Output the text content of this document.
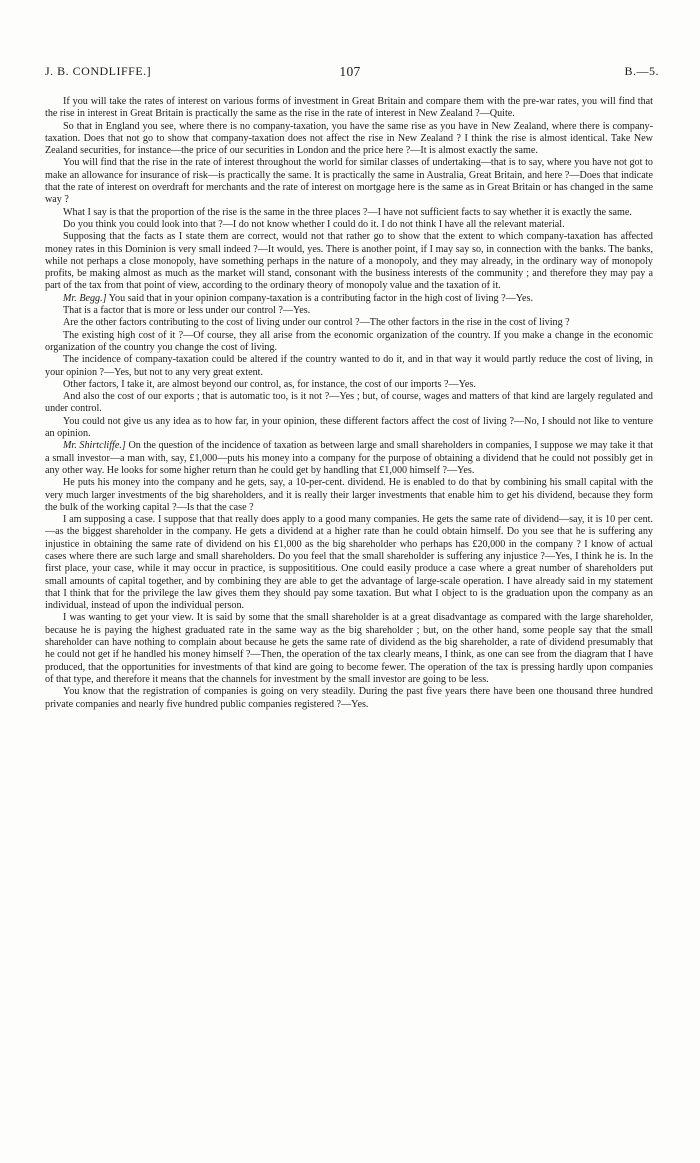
J. B. CONDLIFFE.]	107	B.—5.

If you will take the rates of interest on various forms of investment in Great Britain and compare them with the pre-war rates, you will find that the rise in interest in Great Britain is practically the same as the rise in the rate of interest in New Zealand ?—Quite.

So that in England you see, where there is no company-taxation, you have the same rise as you have in New Zealand, where there is company-taxation. Does that not go to show that company-taxation does not affect the rise in New Zealand ? I think the rise is almost identical. Take New Zealand securities, for instance—the price of our securities in London and the price here ?—It is almost exactly the same.

You will find that the rise in the rate of interest throughout the world for similar classes of undertaking—that is to say, where you have not got to make an allowance for insurance of risk—is practically the same. It is practically the same in Australia, Great Britain, and here ?—Does that indicate that the rate of interest on overdraft for merchants and the rate of interest on mortgage here is the same as in Great Britain or has changed in the same way ?

What I say is that the proportion of the rise is the same in the three places ?—I have not sufficient facts to say whether it is exactly the same.

Do you think you could look into that ?—I do not know whether I could do it. I do not think I have all the relevant material.

Supposing that the facts as I state them are correct, would not that rather go to show that the extent to which company-taxation has affected money rates in this Dominion is very small indeed ?—It would, yes. There is another point, if I may say so, in connection with the banks. The banks, while not perhaps a close monopoly, have something perhaps in the nature of a monopoly, and they may already, in the ordinary way of monopoly profits, be making almost as much as the market will stand, consonant with the business interests of the community ; and therefore they may pay a part of the tax from that point of view, according to the ordinary theory of monopoly value and the taxation of it.

Mr. Begg.] You said that in your opinion company-taxation is a contributing factor in the high cost of living ?—Yes.

That is a factor that is more or less under our control ?—Yes.

Are the other factors contributing to the cost of living under our control ?—The other factors in the rise in the cost of living ?

The existing high cost of it ?—Of course, they all arise from the economic organization of the country. If you make a change in the economic organization of the country you change the cost of living.

The incidence of company-taxation could be altered if the country wanted to do it, and in that way it would partly reduce the cost of living, in your opinion ?—Yes, but not to any very great extent.

Other factors, I take it, are almost beyond our control, as, for instance, the cost of our imports ?—Yes.

And also the cost of our exports ; that is automatic too, is it not ?—Yes ; but, of course, wages and matters of that kind are largely regulated and under control.

You could not give us any idea as to how far, in your opinion, these different factors affect the cost of living ?—No, I should not like to venture an opinion.

Mr. Shirtcliffe.] On the question of the incidence of taxation as between large and small shareholders in companies, I suppose we may take it that a small investor—a man with, say, £1,000—puts his money into a company for the purpose of obtaining a dividend that he could not possibly get in any other way. He looks for some higher return than he could get by handling that £1,000 himself ?—Yes.

He puts his money into the company and he gets, say, a 10-per-cent. dividend. He is enabled to do that by combining his small capital with the very much larger investments of the big shareholders, and it is really their larger investments that enable him to get his dividend, because they form the bulk of the working capital ?—Is that the case ?

I am supposing a case. I suppose that that really does apply to a good many companies. He gets the same rate of dividend—say, it is 10 per cent.—as the biggest shareholder in the company. He gets a dividend at a higher rate than he could obtain himself. Do you see that he is suffering any injustice in obtaining the same rate of dividend on his £1,000 as the big shareholder who perhaps has £20,000 in the company ? I know of actual cases where there are such large and small shareholders. Do you feel that the small shareholder is suffering any injustice ?—Yes, I think he is. In the first place, your case, while it may occur in practice, is supposititious. One could easily produce a case where a great number of shareholders put small amounts of capital together, and by combining they are able to get the advantage of large-scale operation. I have already said in my statement that I think that for the privilege the law gives them they should pay some taxation. But what I object to is the graduation upon the company as an individual, instead of upon the individual person.

I was wanting to get your view. It is said by some that the small shareholder is at a great disadvantage as compared with the large shareholder, because he is paying the highest graduated rate in the same way as the big shareholder ; but, on the other hand, some people say that the small shareholder can have nothing to complain about because he gets the same rate of dividend as the big shareholder, a rate of dividend presumably that he could not get if he handled his money himself ?—Then, the operation of the tax clearly means, I think, as one can see from the diagram that I have produced, that the opportunities for investments of that kind are going to become fewer. The operation of the tax is pressing hardly upon companies of that type, and therefore it means that the channels for investment by the small investor are going to be less.

You know that the registration of companies is going on very steadily. During the past five years there have been one thousand three hundred private companies and nearly five hundred public companies registered ?—Yes.
